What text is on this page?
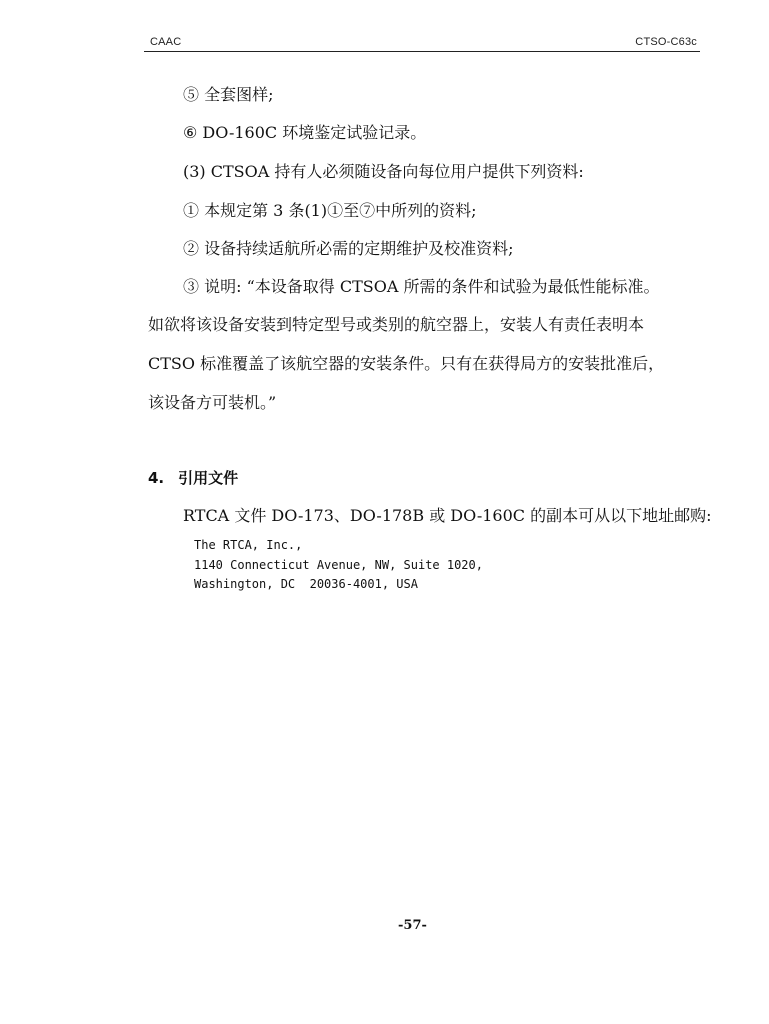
CAAC	CTSO-C63c
⑤ 全套图样;
⑥ DO-160C 环境鉴定试验记录。
(3) CTSOA 持有人必须随设备向每位用户提供下列资料:
① 本规定第 3 条(1)①至⑦中所列的资料;
② 设备持续适航所必需的定期维护及校准资料;
③ 说明: “本设备取得 CTSOA 所需的条件和试验为最低性能标准。
如欲将该设备安装到特定型号或类别的航空器上，安装人有责任表明本
CTSO 标准覆盖了该航空器的安装条件。只有在获得局方的安装批准后，
该设备方可装机。”
4. 引用文件
RTCA 文件 DO-173、DO-178B 或 DO-160C 的副本可从以下地址邮购:
The RTCA, Inc.,
1140 Connecticut Avenue, NW, Suite 1020,
Washington, DC  20036-4001, USA
-57-
